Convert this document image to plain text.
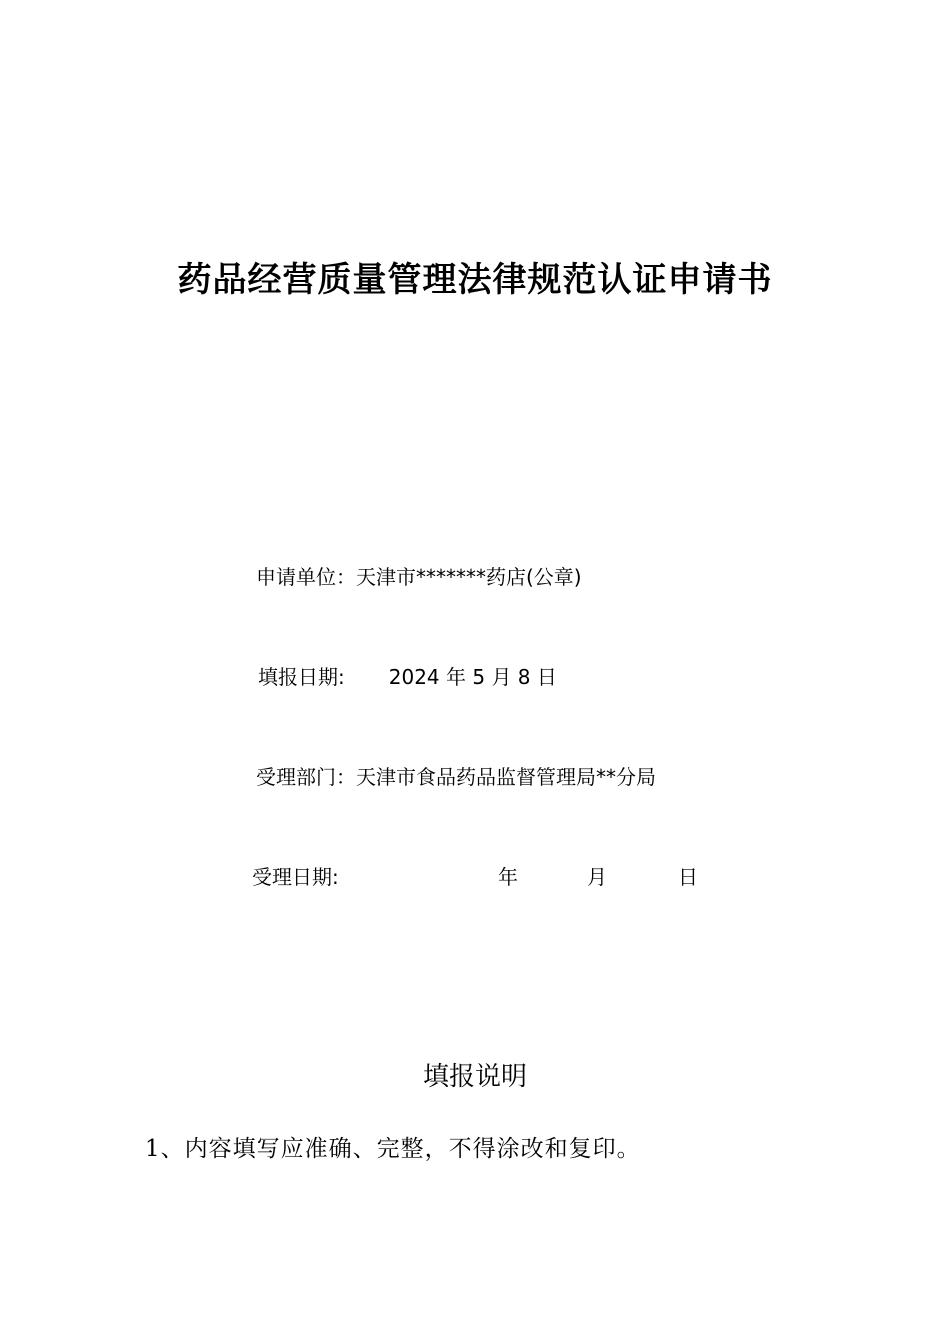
药品经营质量管理法律规范认证申请书
申请单位：天津市*******药店(公章)
填报日期: 2024 年 5 月 8 日
受理部门：天津市食品药品监督管理局**分局
受理日期:	年	月	日
填报说明
1、内容填写应准确、完整，不得涂改和复印。
